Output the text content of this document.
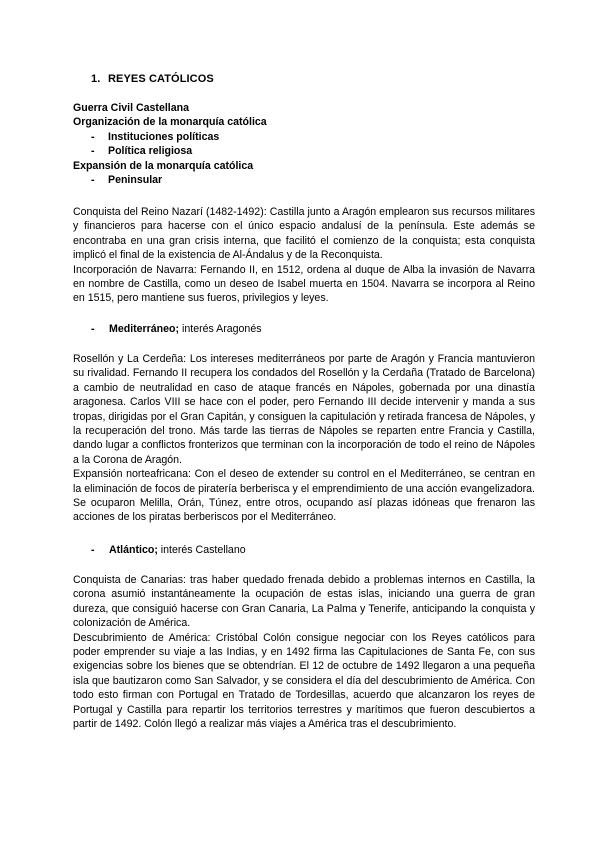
1. REYES CATÓLICOS
Guerra Civil Castellana
Organización de la monarquía católica
- Instituciones políticas
- Política religiosa
Expansión de la monarquía católica
- Peninsular

Conquista del Reino Nazarí (1482-1492): Castilla junto a Aragón emplearon sus recursos militares y financieros para hacerse con el único espacio andalusí de la península. Este además se encontraba en una gran crisis interna, que facilitó el comienzo de la conquista; esta conquista implicó el final de la existencia de Al-Ándalus y de la Reconquista.

Incorporación de Navarra: Fernando II, en 1512, ordena al duque de Alba la invasión de Navarra en nombre de Castilla, como un deseo de Isabel muerta en 1504. Navarra se incorpora al Reino en 1515, pero mantiene sus fueros, privilegios y leyes.

- Mediterráneo; interés Aragonés

Rosellón y La Cerdeña: Los intereses mediterráneos por parte de Aragón y Francia mantuvieron su rivalidad. Fernando II recupera los condados del Rosellón y la Cerdaña (Tratado de Barcelona) a cambio de neutralidad en caso de ataque francés en Nápoles, gobernada por una dinastía aragonesa. Carlos VIII se hace con el poder, pero Fernando III decide intervenir y manda a sus tropas, dirigidas por el Gran Capitán, y consiguen la capitulación y retirada francesa de Nápoles, y la recuperación del trono. Más tarde las tierras de Nápoles se reparten entre Francia y Castilla, dando lugar a conflictos fronterizos que terminan con la incorporación de todo el reino de Nápoles a la Corona de Aragón.

Expansión norteafricana: Con el deseo de extender su control en el Mediterráneo, se centran en la eliminación de focos de piratería berberisca y el emprendimiento de una acción evangelizadora. Se ocuparon Melilla, Orán, Túnez, entre otros, ocupando así plazas idóneas que frenaron las acciones de los piratas berberiscos por el Mediterráneo.

- Atlántico; interés Castellano

Conquista de Canarias: tras haber quedado frenada debido a problemas internos en Castilla, la corona asumió instantáneamente la ocupación de estas islas, iniciando una guerra de gran dureza, que consiguió hacerse con Gran Canaria, La Palma y Tenerife, anticipando la conquista y colonización de América.

Descubrimiento de América: Cristóbal Colón consigue negociar con los Reyes católicos para poder emprender su viaje a las Indias, y en 1492 firma las Capitulaciones de Santa Fe, con sus exigencias sobre los bienes que se obtendrían. El 12 de octubre de 1492 llegaron a una pequeña isla que bautizaron como San Salvador, y se considera el día del descubrimiento de América. Con todo esto firman con Portugal en Tratado de Tordesillas, acuerdo que alcanzaron los reyes de Portugal y Castilla para repartir los territorios terrestres y marítimos que fueron descubiertos a partir de 1492. Colón llegó a realizar más viajes a América tras el descubrimiento.
